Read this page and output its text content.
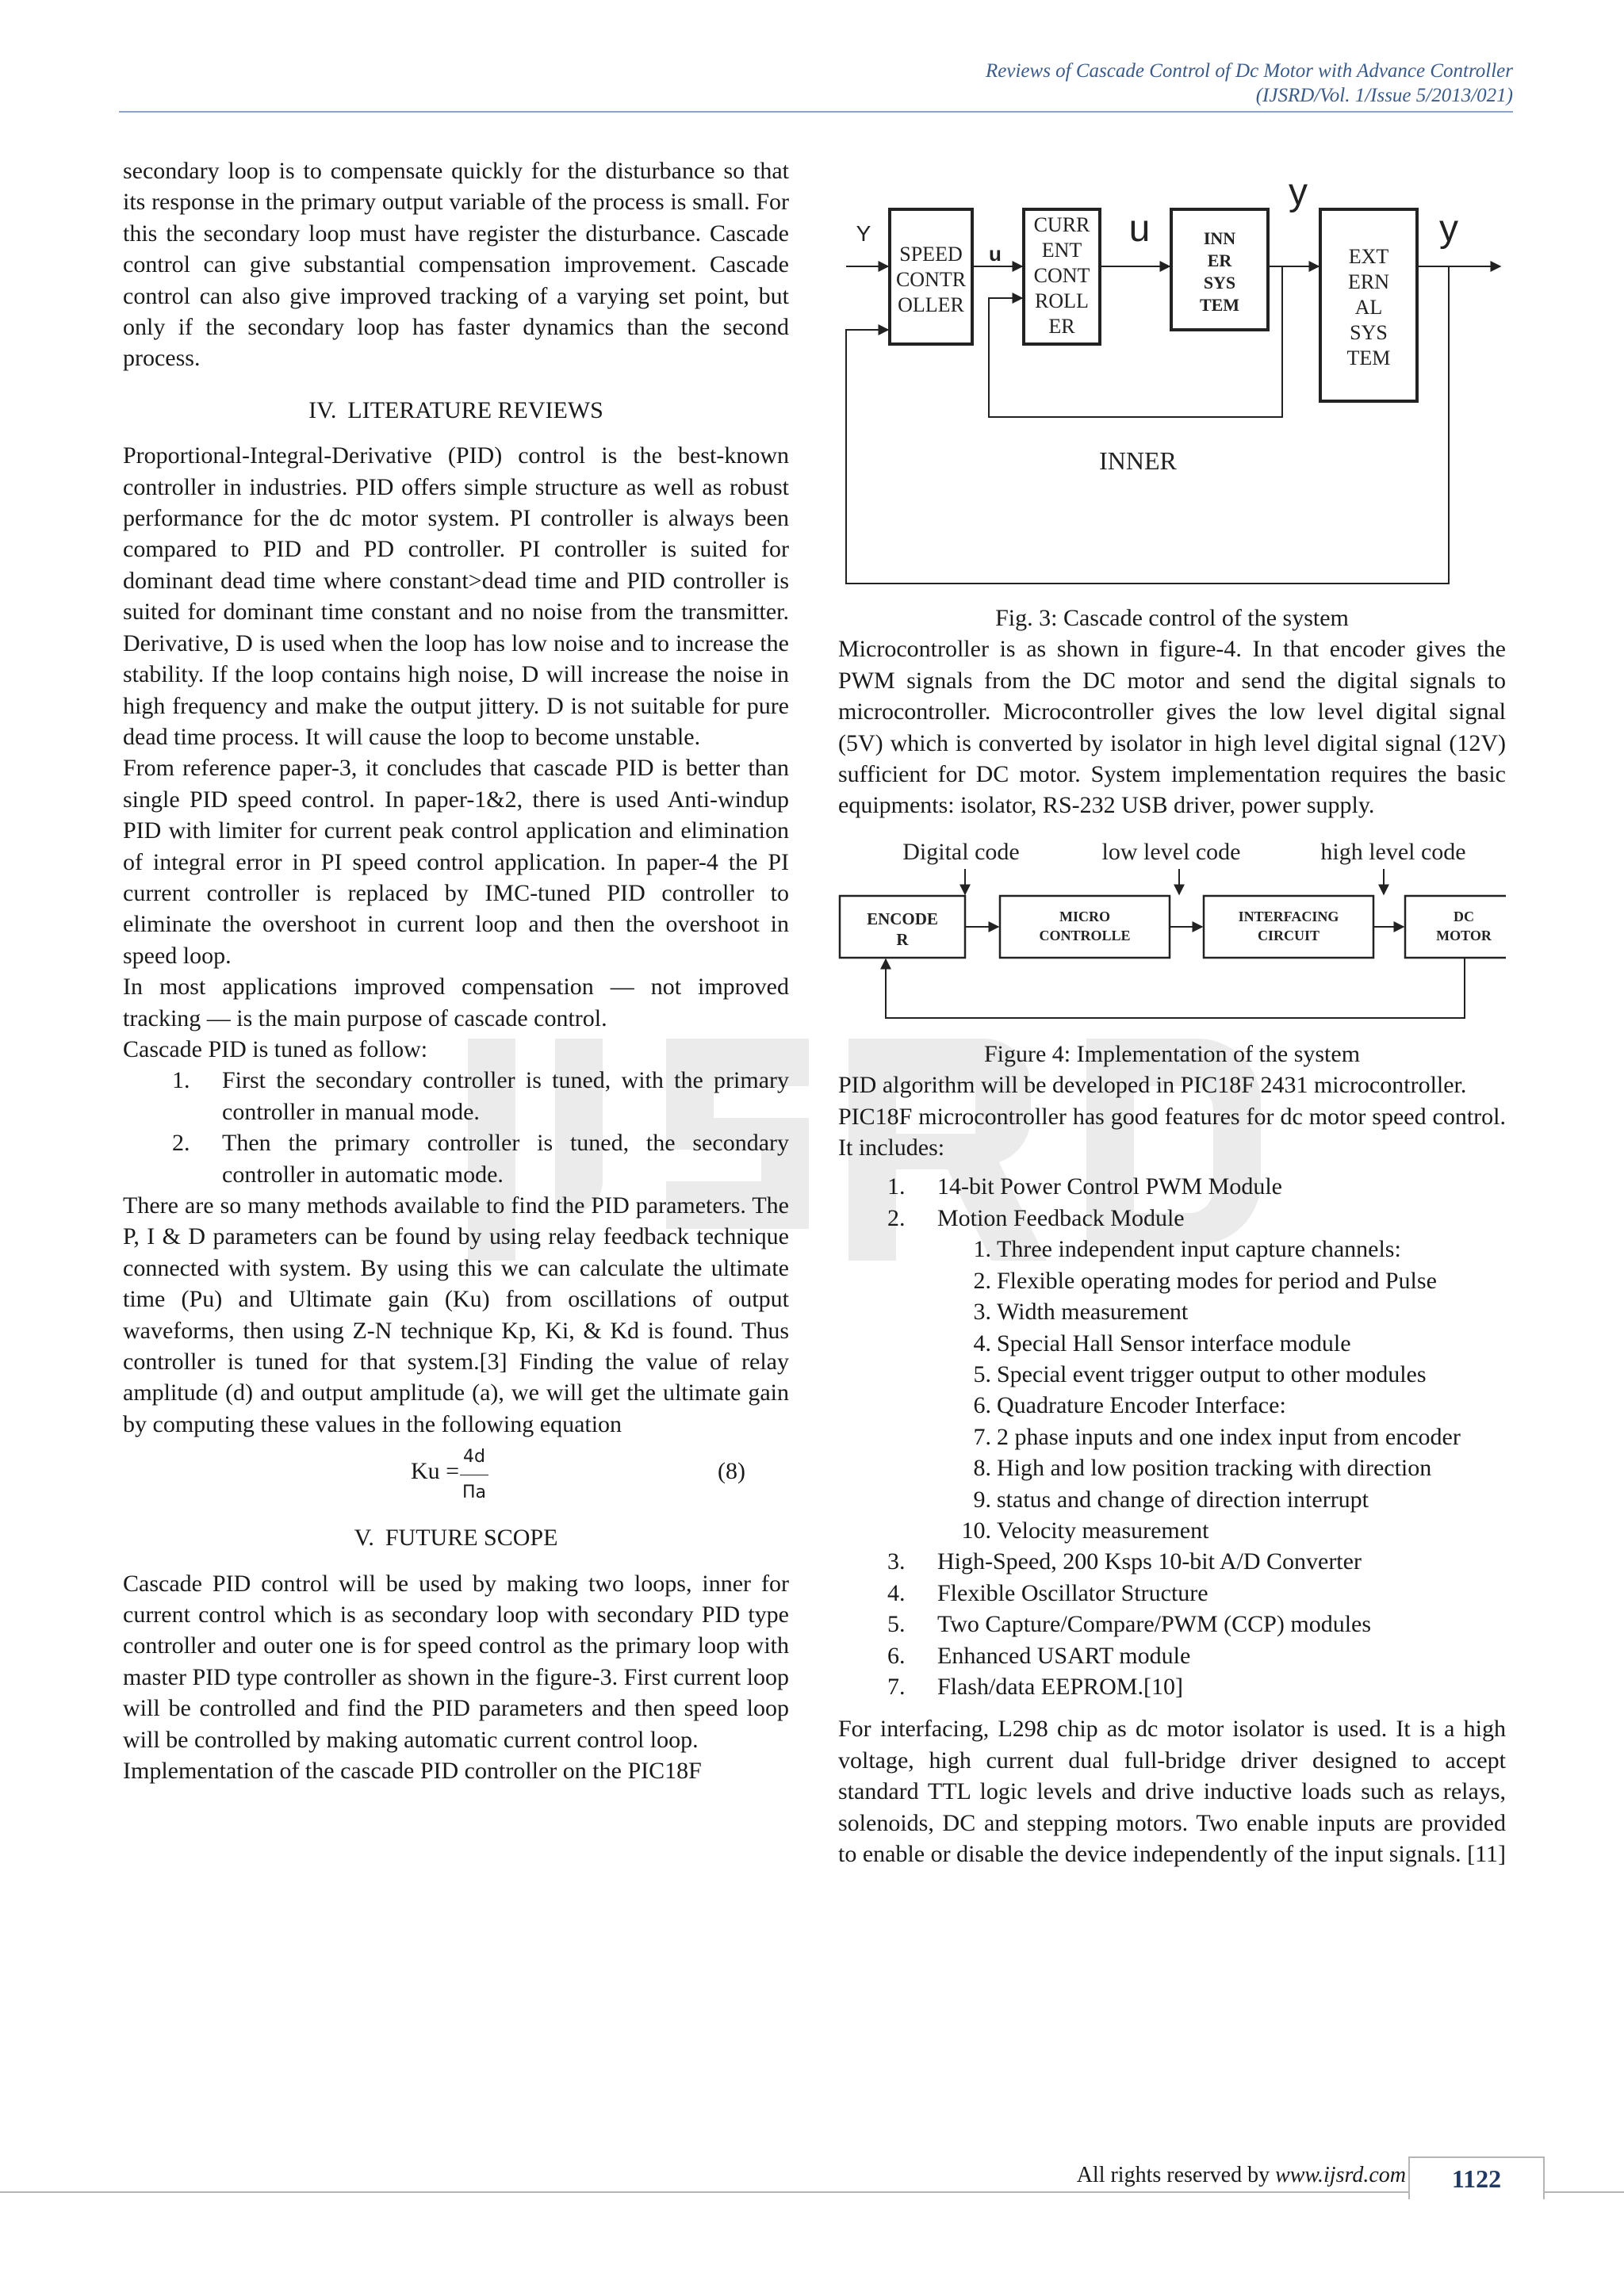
Reviews of Cascade Control of Dc Motor with Advance Controller
(IJSRD/Vol. 1/Issue 5/2013/021)

secondary loop is to compensate quickly for the disturbance so that its response in the primary output variable of the process is small. For this the secondary loop must have register the disturbance. Cascade control can give substantial compensation improvement. Cascade control can also give improved tracking of a varying set point, but only if the secondary loop has faster dynamics than the second process.

IV. LITERATURE REVIEWS

Proportional-Integral-Derivative (PID) control is the best-known controller in industries. PID offers simple structure as well as robust performance for the dc motor system. PI controller is always been compared to PID and PD controller. PI controller is suited for dominant dead time where constant>dead time and PID controller is suited for dominant time constant and no noise from the transmitter. Derivative, D is used when the loop has low noise and to increase the stability. If the loop contains high noise, D will increase the noise in high frequency and make the output jittery. D is not suitable for pure dead time process. It will cause the loop to become unstable.

From reference paper-3, it concludes that cascade PID is better than single PID speed control. In paper-1&2, there is used Anti-windup PID with limiter for current peak control application and elimination of integral error in PI speed control application. In paper-4 the PI current controller is replaced by IMC-tuned PID controller to eliminate the overshoot in current loop and then the overshoot in speed loop.

In most applications improved compensation — not improved tracking — is the main purpose of cascade control.

Cascade PID is tuned as follow:

1. First the secondary controller is tuned, with the primary controller in manual mode.
2. Then the primary controller is tuned, the secondary controller in automatic mode.

There are so many methods available to find the PID parameters. The P, I & D parameters can be found by using relay feedback technique connected with system. By using this we can calculate the ultimate time (Pu) and Ultimate gain (Ku) from oscillations of output waveforms, then using Z-N technique Kp, Ki, & Kd is found. Thus controller is tuned for that system.[3] Finding the value of relay amplitude (d) and output amplitude (a), we will get the ultimate gain by computing these values in the following equation

$Ku = \frac{4d}{\Pi a}$	(8)

V. FUTURE SCOPE

Cascade PID control will be used by making two loops, inner for current control which is as secondary loop with secondary PID type controller and outer one is for speed control as the primary loop with master PID type controller as shown in the figure-3. First current loop will be controlled and find the PID parameters and then speed loop will be controlled by making automatic current control loop.

Implementation of the cascade PID controller on the PIC18F

SPEED
CONTR
OLLER
CURR
ENT
CONT
ROLL
ER
INN
ER
SYS
TEM
EXT
ERN
AL
SYS
TEM
Y
u
u
y
y
INNER

Fig. 3: Cascade control of the system

Microcontroller is as shown in figure-4. In that encoder gives the PWM signals from the DC motor and send the digital signals to microcontroller. Microcontroller gives the low level digital signal (5V) which is converted by isolator in high level digital signal (12V) sufficient for DC motor. System implementation requires the basic equipments: isolator, RS-232 USB driver, power supply.

Digital code	low level code	high level code
ENCODE
R
MICRO
CONTROLLE
INTERFACING
CIRCUIT
DC
MOTOR

Figure 4: Implementation of the system

PID algorithm will be developed in PIC18F 2431 microcontroller.

PIC18F microcontroller has good features for dc motor speed control. It includes:

1. 14-bit Power Control PWM Module
2. Motion Feedback Module
1. Three independent input capture channels:
2. Flexible operating modes for period and Pulse
3. Width measurement
4. Special Hall Sensor interface module
5. Special event trigger output to other modules
6. Quadrature Encoder Interface:
7. 2 phase inputs and one index input from encoder
8. High and low position tracking with direction
9. status and change of direction interrupt
10. Velocity measurement
3. High-Speed, 200 Ksps 10-bit A/D Converter
4. Flexible Oscillator Structure
5. Two Capture/Compare/PWM (CCP) modules
6. Enhanced USART module
7. Flash/data EEPROM.[10]

For interfacing, L298 chip as dc motor isolator is used. It is a high voltage, high current dual full-bridge driver designed to accept standard TTL logic levels and drive inductive loads such as relays, solenoids, DC and stepping motors. Two enable inputs are provided to enable or disable the device independently of the input signals. [11]

All rights reserved by www.ijsrd.com	1122
